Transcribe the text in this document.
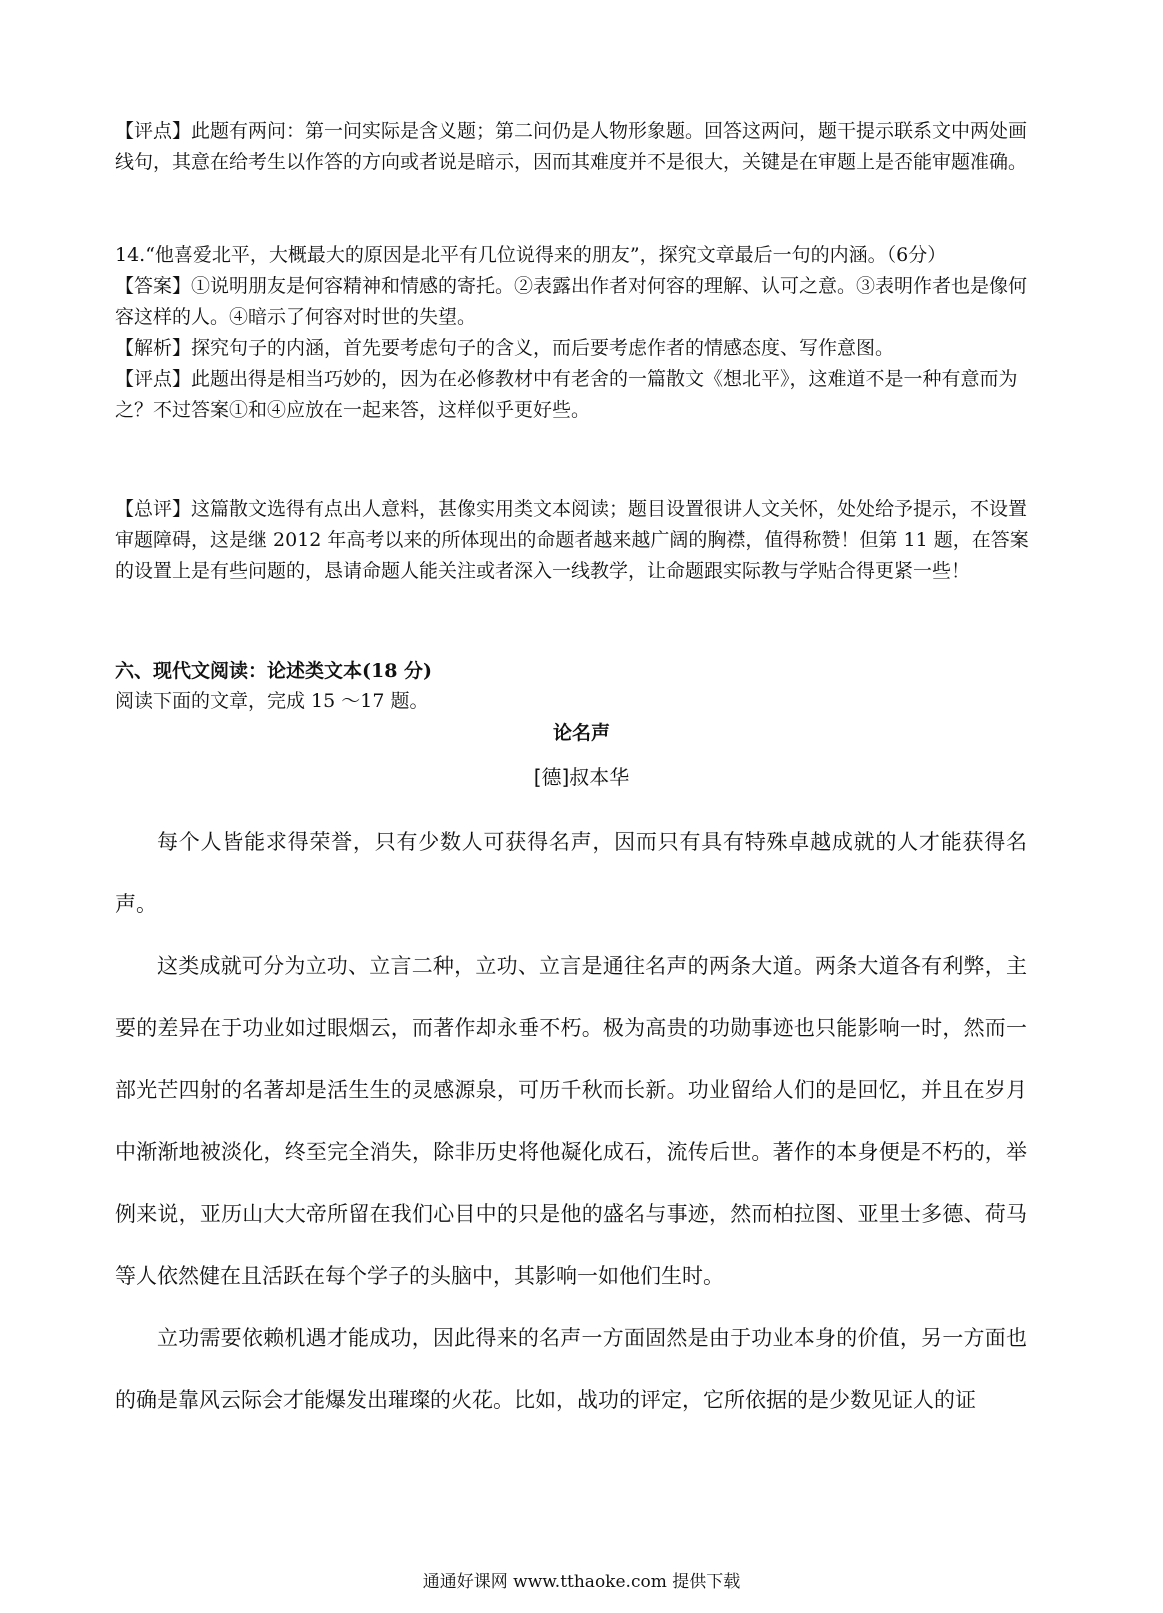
【评点】此题有两问：第一问实际是含义题；第二问仍是人物形象题。回答这两问，题干提示联系文中两处画线句，其意在给考生以作答的方向或者说是暗示，因而其难度并不是很大，关键是在审题上是否能审题准确。

14.“他喜爱北平，大概最大的原因是北平有几位说得来的朋友”，探究文章最后一句的内涵。（6分）

【答案】①说明朋友是何容精神和情感的寄托。②表露出作者对何容的理解、认可之意。③表明作者也是像何容这样的人。④暗示了何容对时世的失望。

【解析】探究句子的内涵，首先要考虑句子的含义，而后要考虑作者的情感态度、写作意图。

【评点】此题出得是相当巧妙的，因为在必修教材中有老舍的一篇散文《想北平》，这难道不是一种有意而为之？不过答案①和④应放在一起来答，这样似乎更好些。

【总评】这篇散文选得有点出人意料，甚像实用类文本阅读；题目设置很讲人文关怀，处处给予提示，不设置审题障碍，这是继 2012 年高考以来的所体现出的命题者越来越广阔的胸襟，值得称赞！但第 11 题，在答案的设置上是有些问题的，恳请命题人能关注或者深入一线教学，让命题跟实际教与学贴合得更紧一些！

六、现代文阅读：论述类文本(18 分)
阅读下面的文章，完成 15 ～17 题。
论名声
[德]叔本华

每个人皆能求得荣誉，只有少数人可获得名声，因而只有具有特殊卓越成就的人才能获得名声。

这类成就可分为立功、立言二种，立功、立言是通往名声的两条大道。两条大道各有利弊，主要的差异在于功业如过眼烟云，而著作却永垂不朽。极为高贵的功勋事迹也只能影响一时，然而一部光芒四射的名著却是活生生的灵感源泉，可历千秋而长新。功业留给人们的是回忆，并且在岁月中渐渐地被淡化，终至完全消失，除非历史将他凝化成石，流传后世。著作的本身便是不朽的，举例来说，亚历山大大帝所留在我们心目中的只是他的盛名与事迹，然而柏拉图、亚里士多德、荷马等人依然健在且活跃在每个学子的头脑中，其影响一如他们生时。

立功需要依赖机遇才能成功，因此得来的名声一方面固然是由于功业本身的价值，另一方面也的确是靠风云际会才能爆发出璀璨的火花。比如，战功的评定，它所依据的是少数见证人的证

通通好课网 www.tthaoke.com 提供下载
